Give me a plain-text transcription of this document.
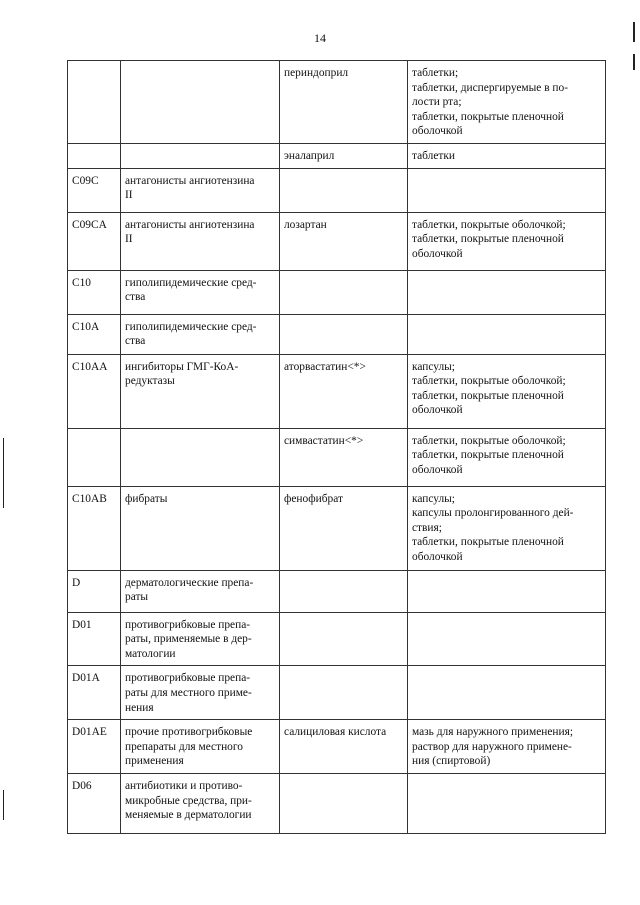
14
		периндоприл	таблетки;
таблетки, диспергируемые в по-
лости рта;
таблетки, покрытые пленочной
оболочкой

		эналаприл	таблетки

C09C	антагонисты ангиотензина
II		

C09CA	антагонисты ангиотензина
II	лозартан	таблетки, покрытые оболочкой;
таблетки, покрытые пленочной
оболочкой

C10	гиполипидемические сред-
ства		

C10A	гиполипидемические сред-
ства		

C10AA	ингибиторы ГМГ-КоА-
редуктазы	аторвастатин<*>	капсулы;
таблетки, покрытые оболочкой;
таблетки, покрытые пленочной
оболочкой

		симвастатин<*>	таблетки, покрытые оболочкой;
таблетки, покрытые пленочной
оболочкой

C10AB	фибраты	фенофибрат	капсулы;
капсулы пролонгированного дей-
ствия;
таблетки, покрытые пленочной
оболочкой

D	дерматологические препа-
раты		

D01	противогрибковые препа-
раты, применяемые в дер-
матологии		

D01A	противогрибковые препа-
раты для местного приме-
нения		

D01AE	прочие противогрибковые
препараты для местного
применения	салициловая кислота	мазь для наружного применения;
раствор для наружного примене-
ния (спиртовой)

D06	антибиотики и противо-
микробные средства, при-
меняемые в дерматологии		
